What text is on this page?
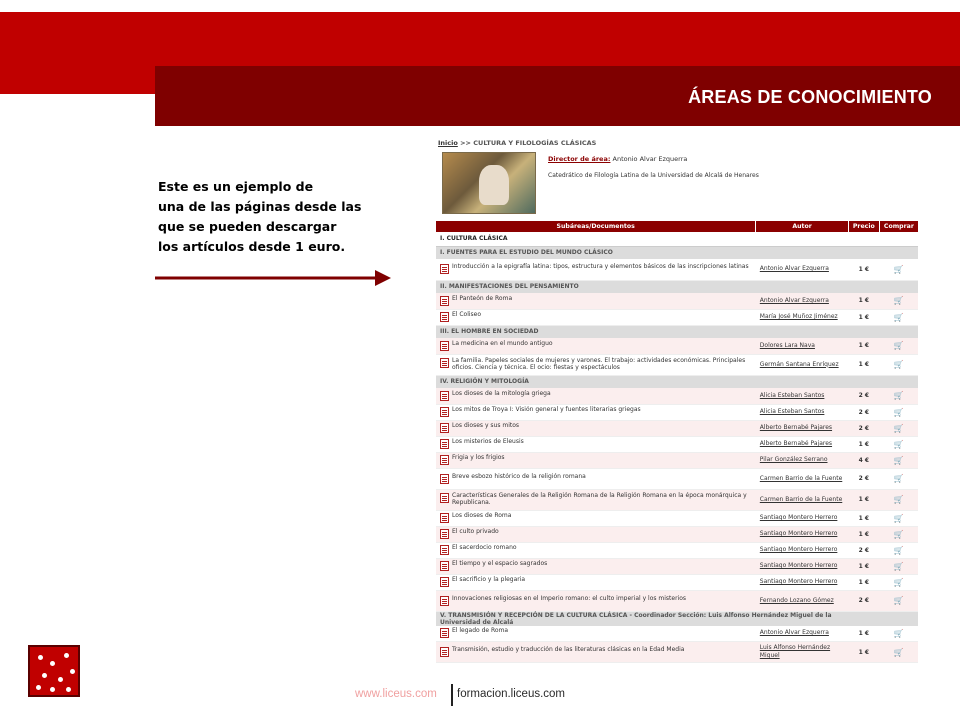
ÁREAS DE CONOCIMIENTO
Este es un ejemplo de
una de las páginas desde las
que se pueden descargar
los artículos desde 1 euro.
Inicio >> CULTURA Y FILOLOGÍAS CLÁSICAS
Director de área: Antonio Alvar Ezquerra
Catedrático de Filología Latina de la Universidad de Alcalá de Henares
Subáreas/Documentos	Autor	Precio	Comprar
I. CULTURA CLÁSICA			
I. FUENTES PARA EL ESTUDIO DEL MUNDO CLÁSICO			

Introducción a la epigrafía latina: tipos, estructura y elementos básicos de las inscripciones latinas	Antonio Alvar Ezquerra	1 €	🛒
II. MANIFESTACIONES DEL PENSAMIENTO			

El Panteón de Roma	Antonio Alvar Ezquerra	1 €	🛒

El Coliseo	María José Muñoz Jiménez	1 €	🛒
III. EL HOMBRE EN SOCIEDAD			

La medicina en el mundo antiguo	Dolores Lara Nava	1 €	🛒

La familia. Papeles sociales de mujeres y varones. El trabajo: actividades económicas. Principales oficios. Ciencia y técnica. El ocio: fiestas y espectáculos	Germán Santana Enríquez	1 €	🛒
IV. RELIGIÓN Y MITOLOGÍA			

Los dioses de la mitología griega	Alicia Esteban Santos	2 €	🛒

Los mitos de Troya I: Visión general y fuentes literarias griegas	Alicia Esteban Santos	2 €	🛒

Los dioses y sus mitos	Alberto Bernabé Pajares	2 €	🛒

Los misterios de Eleusis	Alberto Bernabé Pajares	1 €	🛒

Frigia y los frigios	Pilar González Serrano	4 €	🛒

Breve esbozo histórico de la religión romana	Carmen Barrio de la Fuente	2 €	🛒

Características Generales de la Religión Romana de la Religión Romana en la época monárquica y Republicana.	Carmen Barrio de la Fuente	1 €	🛒

Los dioses de Roma	Santiago Montero Herrero	1 €	🛒

El culto privado	Santiago Montero Herrero	1 €	🛒

El sacerdocio romano	Santiago Montero Herrero	2 €	🛒

El tiempo y el espacio sagrados	Santiago Montero Herrero	1 €	🛒

El sacrificio y la plegaria	Santiago Montero Herrero	1 €	🛒

Innovaciones religiosas en el Imperio romano: el culto imperial y los misterios	Fernando Lozano Gómez	2 €	🛒
V. TRANSMISIÓN Y RECEPCIÓN DE LA CULTURA CLÁSICA - Coordinador Sección: Luis Alfonso Hernández Miguel de la Universidad de Alcalá			

El legado de Roma	Antonio Alvar Ezquerra	1 €	🛒

Transmisión, estudio y traducción de las literaturas clásicas en la Edad Media	Luis Alfonso Hernández Miguel	1 €	🛒
www.liceus.com formacion.liceus.com
